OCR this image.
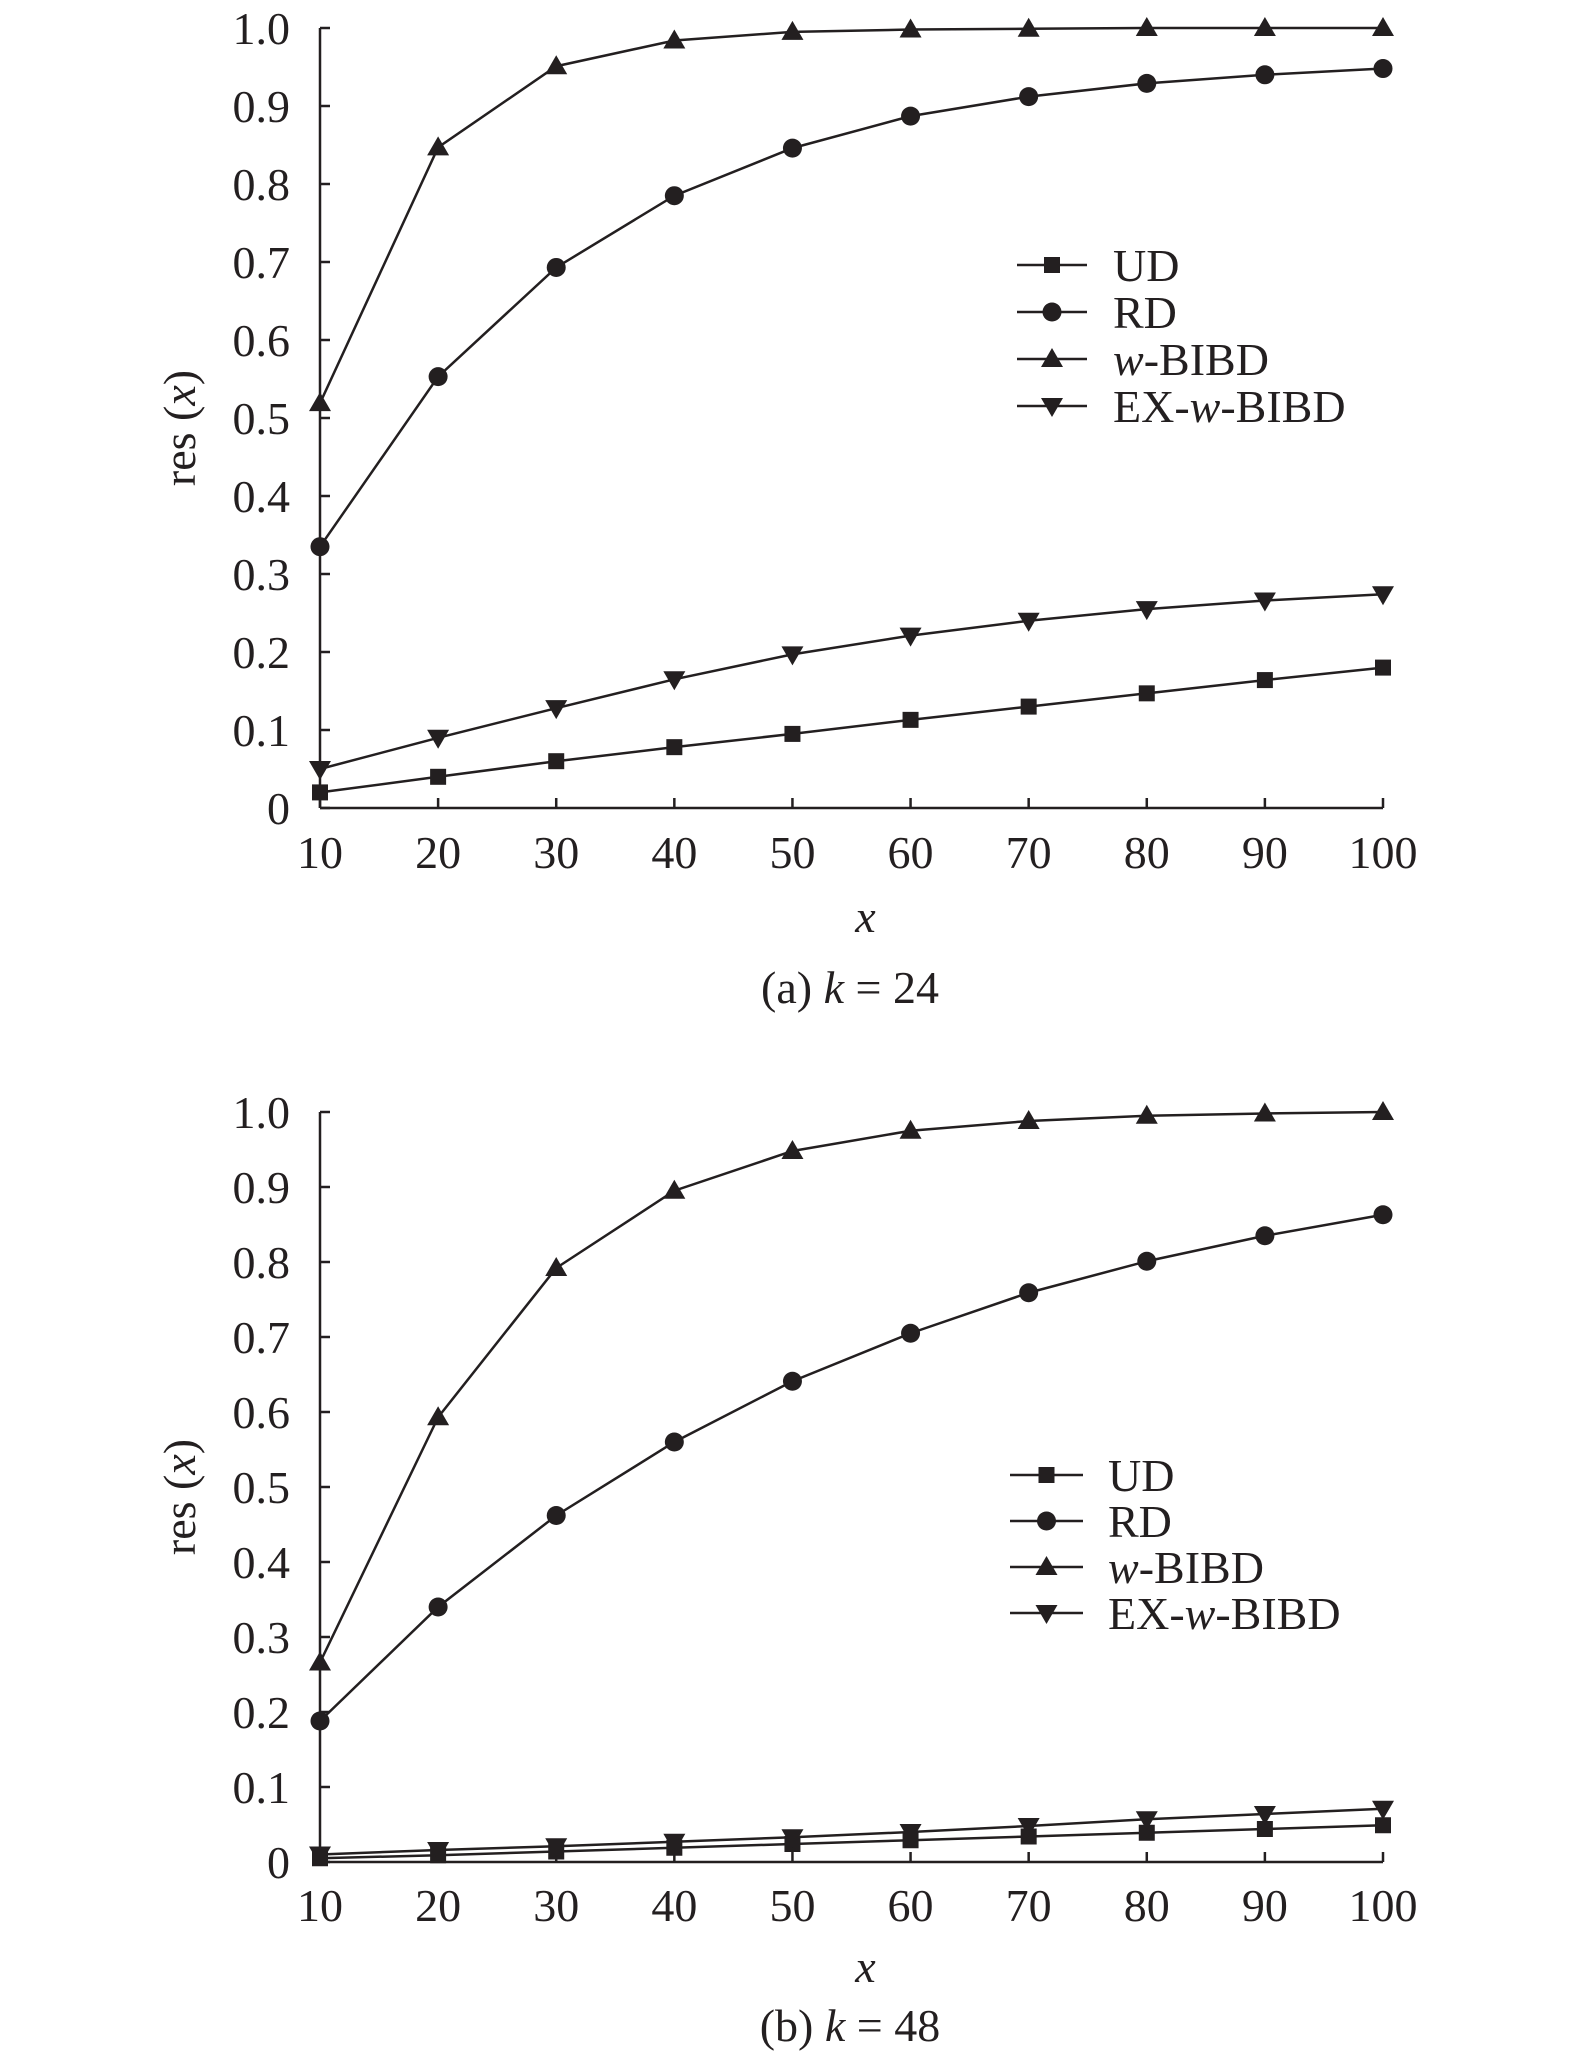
0
0.1
0.2
0.3
0.4
0.5
0.6
0.7
0.8
0.9
1.0
10 20 30 40 50 60 70 80 90 100
x
res (x)
UD
RD
w-BIBD
EX-w-BIBD
(a) k = 24
0
0.1
0.2
0.3
0.4
0.5
0.6
0.7
0.8
0.9
1.0
10 20 30 40 50 60 70 80 90 100
x
res (x)
UD
RD
w-BIBD
EX-w-BIBD
(b) k = 48
